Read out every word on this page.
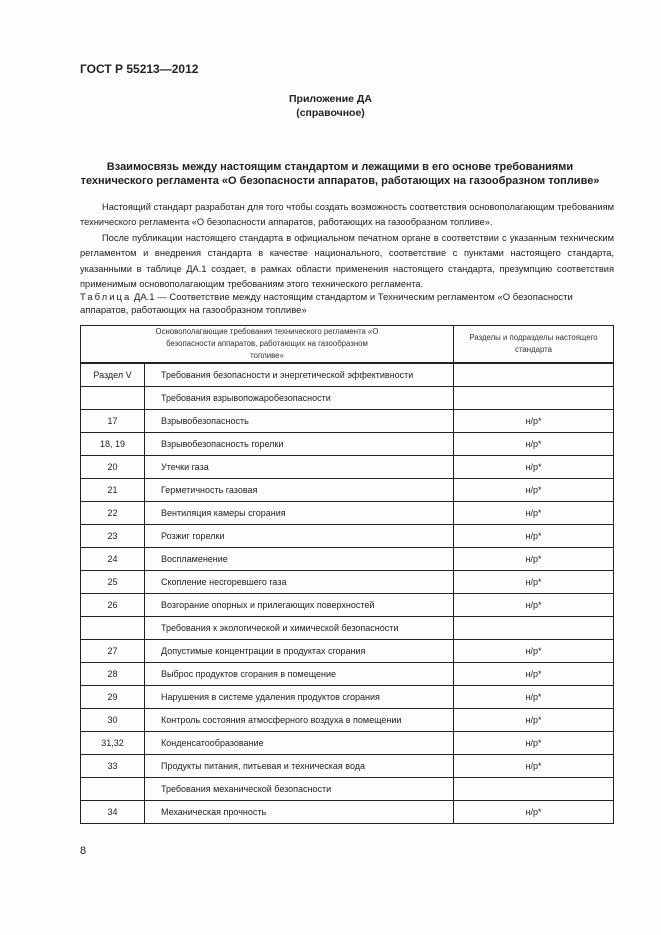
ГОСТ Р 55213—2012
Приложение ДА
(справочное)
Взаимосвязь между настоящим стандартом и лежащими в его основе требованиями
технического регламента «О безопасности аппаратов, работающих на газообразном топливе»

Настоящий стандарт разработан для того чтобы создать возможность соответствия основополагающим требованиям технического регламента «О безопасности аппаратов, работающих на газообразном топливе».

После публикации настоящего стандарта в официальном печатном органе в соответствии с указанным техническим регламентом и внедрения стандарта в качестве национального, соответствие с пунктами настоящего стандарта, указанными в таблице ДА.1 создает, в рамках области применения настоящего стандарта, презумпцию соответствия применимым основополагающим требованиям этого технического регламента.

Таблица ДА.1 — Соответствие между настоящим стандартом и Техническим регламентом «О безопасности аппаратов, работающих на газообразном топливе»
Основополагающие требования технического регламента «О безопасности аппаратов, работающих на газообразном топливе»		Разделы и подразделы настоящего стандарта
Раздел V	Требования безопасности и энергетической эффективности	
	Требования взрывопожаробезопасности	
17	Взрывобезопасность	н/р*
18, 19	Взрывобезопасность горелки	н/р*
20	Утечки газа	н/р*
21	Герметичность газовая	н/р*
22	Вентиляция камеры сгорания	н/р*
23	Розжиг горелки	н/р*
24	Воспламенение	н/р*
25	Скопление несгоревшего газа	н/р*
26	Возгорание опорных и прилегающих поверхностей	н/р*
	Требования к экологической и химической безопасности	
27	Допустимые концентрации в продуктах сгорания	н/р*
28	Выброс продуктов сгорания в помещение	н/р*
29	Нарушения в системе удаления продуктов сгорания	н/р*
30	Контроль состояния атмосферного воздуха в помещении	н/р*
31,32	Конденсатообразование	н/р*
33	Продукты питания, питьевая и техническая вода	н/р*
	Требования механической безопасности	
34	Механическая прочность	н/р*
8
